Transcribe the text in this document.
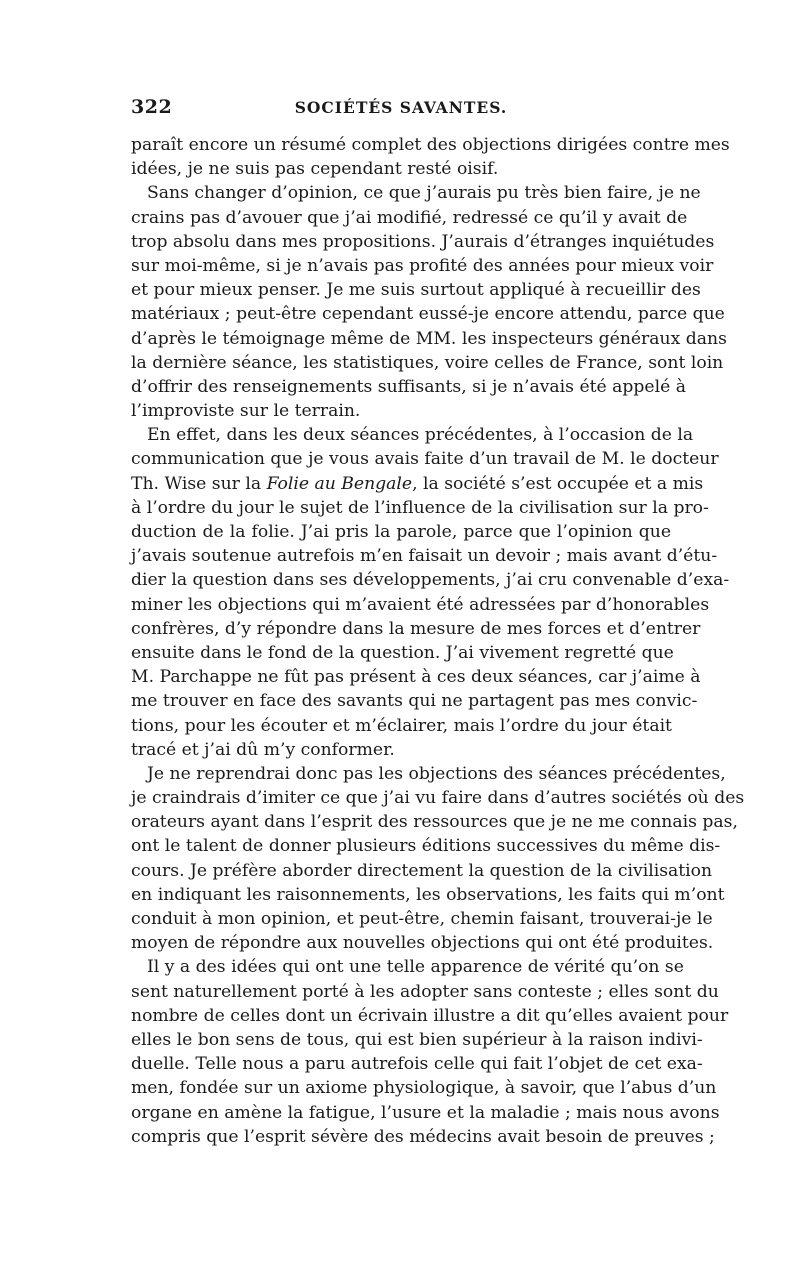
322	SOCIÉTÉS SAVANTES.
paraît encore un résumé complet des objections dirigées contre mes
idées, je ne suis pas cependant resté oisif.
Sans changer d’opinion, ce que j’aurais pu très bien faire, je ne
crains pas d’avouer que j’ai modifié, redressé ce qu’il y avait de
trop absolu dans mes propositions. J’aurais d’étranges inquiétudes
sur moi-même, si je n’avais pas profité des années pour mieux voir
et pour mieux penser. Je me suis surtout appliqué à recueillir des
matériaux ; peut-être cependant eussé-je encore attendu, parce que
d’après le témoignage même de MM. les inspecteurs généraux dans
la dernière séance, les statistiques, voire celles de France, sont loin
d’offrir des renseignements suffisants, si je n’avais été appelé à
l’improviste sur le terrain.
En effet, dans les deux séances précédentes, à l’occasion de la
communication que je vous avais faite d’un travail de M. le docteur
Th. Wise sur la Folie au Bengale, la société s’est occupée et a mis
à l’ordre du jour le sujet de l’influence de la civilisation sur la pro-
duction de la folie. J’ai pris la parole, parce que l’opinion que
j’avais soutenue autrefois m’en faisait un devoir ; mais avant d’étu-
dier la question dans ses développements, j’ai cru convenable d’exa-
miner les objections qui m’avaient été adressées par d’honorables
confrères, d’y répondre dans la mesure de mes forces et d’entrer
ensuite dans le fond de la question. J’ai vivement regretté que
M. Parchappe ne fût pas présent à ces deux séances, car j’aime à
me trouver en face des savants qui ne partagent pas mes convic-
tions, pour les écouter et m’éclairer, mais l’ordre du jour était
tracé et j’ai dû m’y conformer.
Je ne reprendrai donc pas les objections des séances précédentes,
je craindrais d’imiter ce que j’ai vu faire dans d’autres sociétés où des
orateurs ayant dans l’esprit des ressources que je ne me connais pas,
ont le talent de donner plusieurs éditions successives du même dis-
cours. Je préfère aborder directement la question de la civilisation
en indiquant les raisonnements, les observations, les faits qui m’ont
conduit à mon opinion, et peut-être, chemin faisant, trouverai-je le
moyen de répondre aux nouvelles objections qui ont été produites.
Il y a des idées qui ont une telle apparence de vérité qu’on se
sent naturellement porté à les adopter sans conteste ; elles sont du
nombre de celles dont un écrivain illustre a dit qu’elles avaient pour
elles le bon sens de tous, qui est bien supérieur à la raison indivi-
duelle. Telle nous a paru autrefois celle qui fait l’objet de cet exa-
men, fondée sur un axiome physiologique, à savoir, que l’abus d’un
organe en amène la fatigue, l’usure et la maladie ; mais nous avons
compris que l’esprit sévère des médecins avait besoin de preuves ;
